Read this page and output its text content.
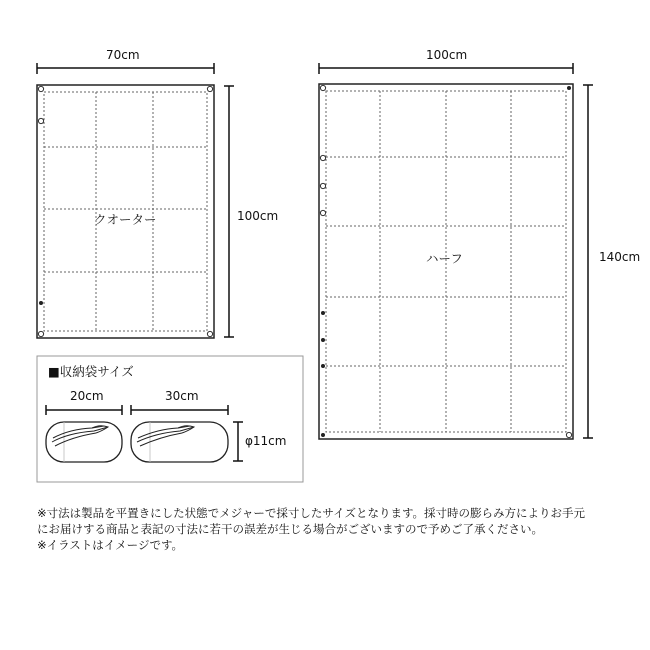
70cm
100cm
クオーター
100cm
140cm
ハーフ
■収納袋サイズ
20cm	30cm
φ11cm
※寸法は製品を平置きにした状態でメジャーで採寸したサイズとなります。採寸時の膨らみ方によりお手元
にお届けする商品と表記の寸法に若干の誤差が生じる場合がございますので予めご了承ください。
※イラストはイメージです。
